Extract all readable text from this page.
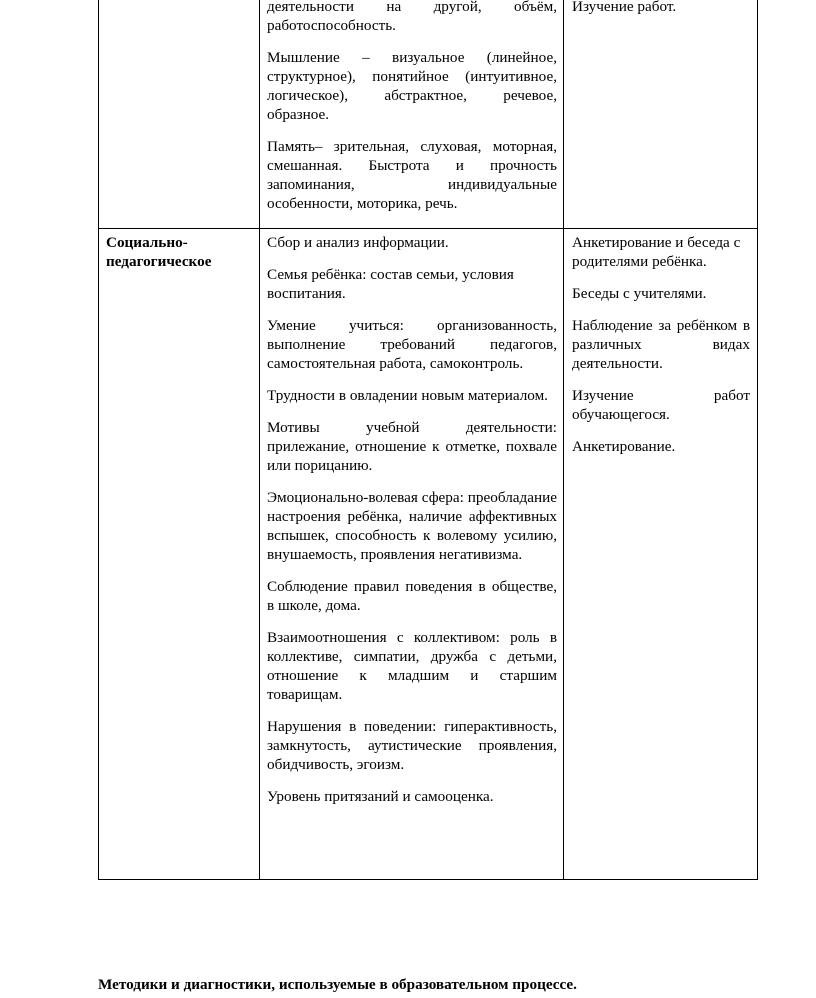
деятельности на другой, объём, работоспособность.

Мышление – визуальное (линейное, структурное), понятийное (интуитивное, логическое), абстрактное, речевое, образное.

Память– зрительная, слуховая, моторная, смешанная. Быстрота и прочность запоминания, индивидуальные особенности, моторика, речь.

Изучение работ.

Социально-педагогическое

Сбор и анализ информации.

Семья ребёнка: состав семьи, условия воспитания.

Умение учиться: организованность, выполнение требований педагогов, самостоятельная работа, самоконтроль.

Трудности в овладении новым материалом.

Мотивы учебной деятельности: прилежание, отношение к отметке, похвале или порицанию.

Эмоционально-волевая сфера: преобладание настроения ребёнка, наличие аффективных вспышек, способность к волевому усилию, внушаемость, проявления негативизма.

Соблюдение правил поведения в обществе, в школе, дома.

Взаимоотношения с коллективом: роль в коллективе, симпатии, дружба с детьми, отношение к младшим и старшим товарищам.

Нарушения в поведении: гиперактивность, замкнутость, аутистические проявления, обидчивость, эгоизм.

Уровень притязаний и самооценка.

Анкетирование и беседа с родителями ребёнка.

Беседы с учителями.

Наблюдение за ребёнком в различных видах деятельности.

Изучение работ обучающегося.

Анкетирование.

Методики и диагностики, используемые в образовательном процессе.
